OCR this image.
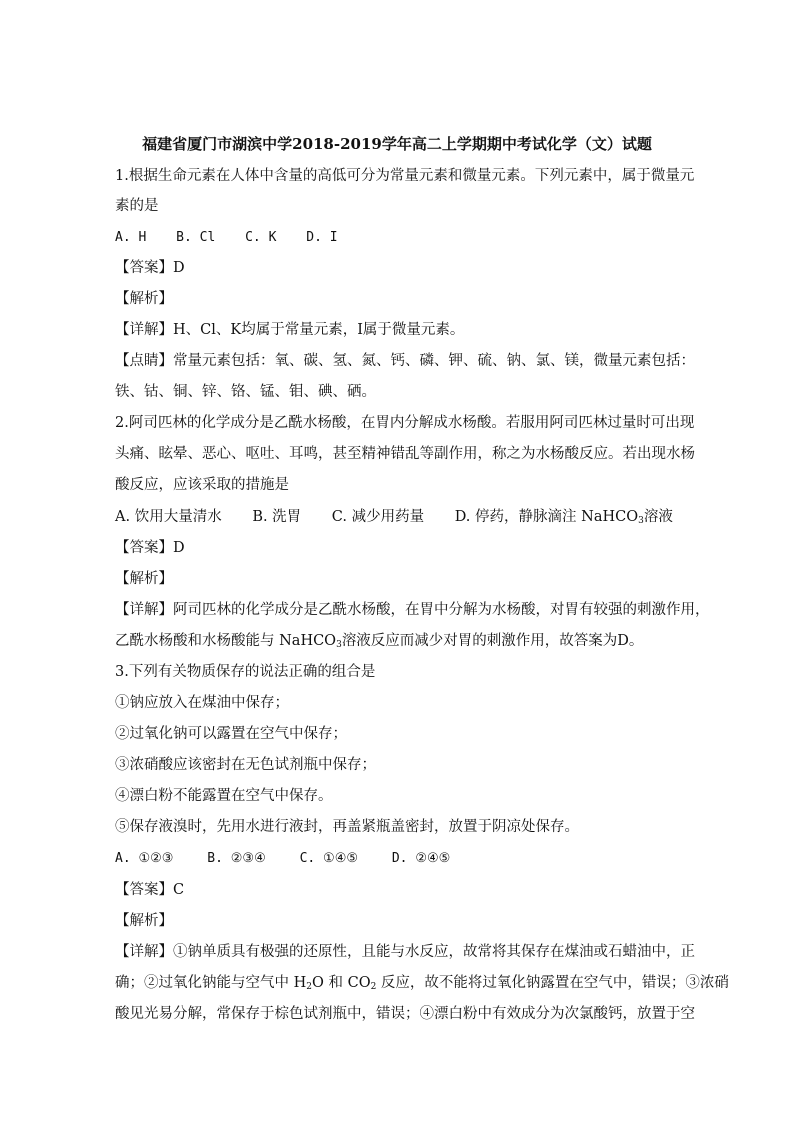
福建省厦门市湖滨中学2018-2019学年高二上学期期中考试化学（文）试题
1.根据生命元素在人体中含量的高低可分为常量元素和微量元素。下列元素中，属于微量元
素的是
A. H B. Cl C. K D. I
【答案】D
【解析】
【详解】H、Cl、K均属于常量元素，I属于微量元素。
【点睛】常量元素包括：氧、碳、氢、氮、钙、磷、钾、硫、钠、氯、镁，微量元素包括：
铁、钴、铜、锌、铬、锰、钼、碘、硒。
2.阿司匹林的化学成分是乙酰水杨酸，在胃内分解成水杨酸。若服用阿司匹林过量时可出现
头痛、眩晕、恶心、呕吐、耳鸣，甚至精神错乱等副作用，称之为水杨酸反应。若出现水杨
酸反应，应该采取的措施是
A. 饮用大量清水 B. 洗胃 C. 减少用药量 D. 停药，静脉滴注 NaHCO$_3$溶液
【答案】D
【解析】
【详解】阿司匹林的化学成分是乙酰水杨酸，在胃中分解为水杨酸，对胃有较强的刺激作用，
乙酰水杨酸和水杨酸能与 NaHCO$_3$溶液反应而减少对胃的刺激作用，故答案为D。
3.下列有关物质保存的说法正确的组合是
①钠应放入在煤油中保存；
②过氧化钠可以露置在空气中保存；
③浓硝酸应该密封在无色试剂瓶中保存；
④漂白粉不能露置在空气中保存。
⑤保存液溴时，先用水进行液封，再盖紧瓶盖密封，放置于阴凉处保存。
A. ①②③	B. ②③④	C. ①④⑤	D. ②④⑤
【答案】C
【解析】
【详解】①钠单质具有极强的还原性，且能与水反应，故常将其保存在煤油或石蜡油中，正
确；②过氧化钠能与空气中 $H_2O$ 和 $CO_2$ 反应，故不能将过氧化钠露置在空气中，错误；③浓硝
酸见光易分解，常保存于棕色试剂瓶中，错误；④漂白粉中有效成分为次氯酸钙，放置于空
